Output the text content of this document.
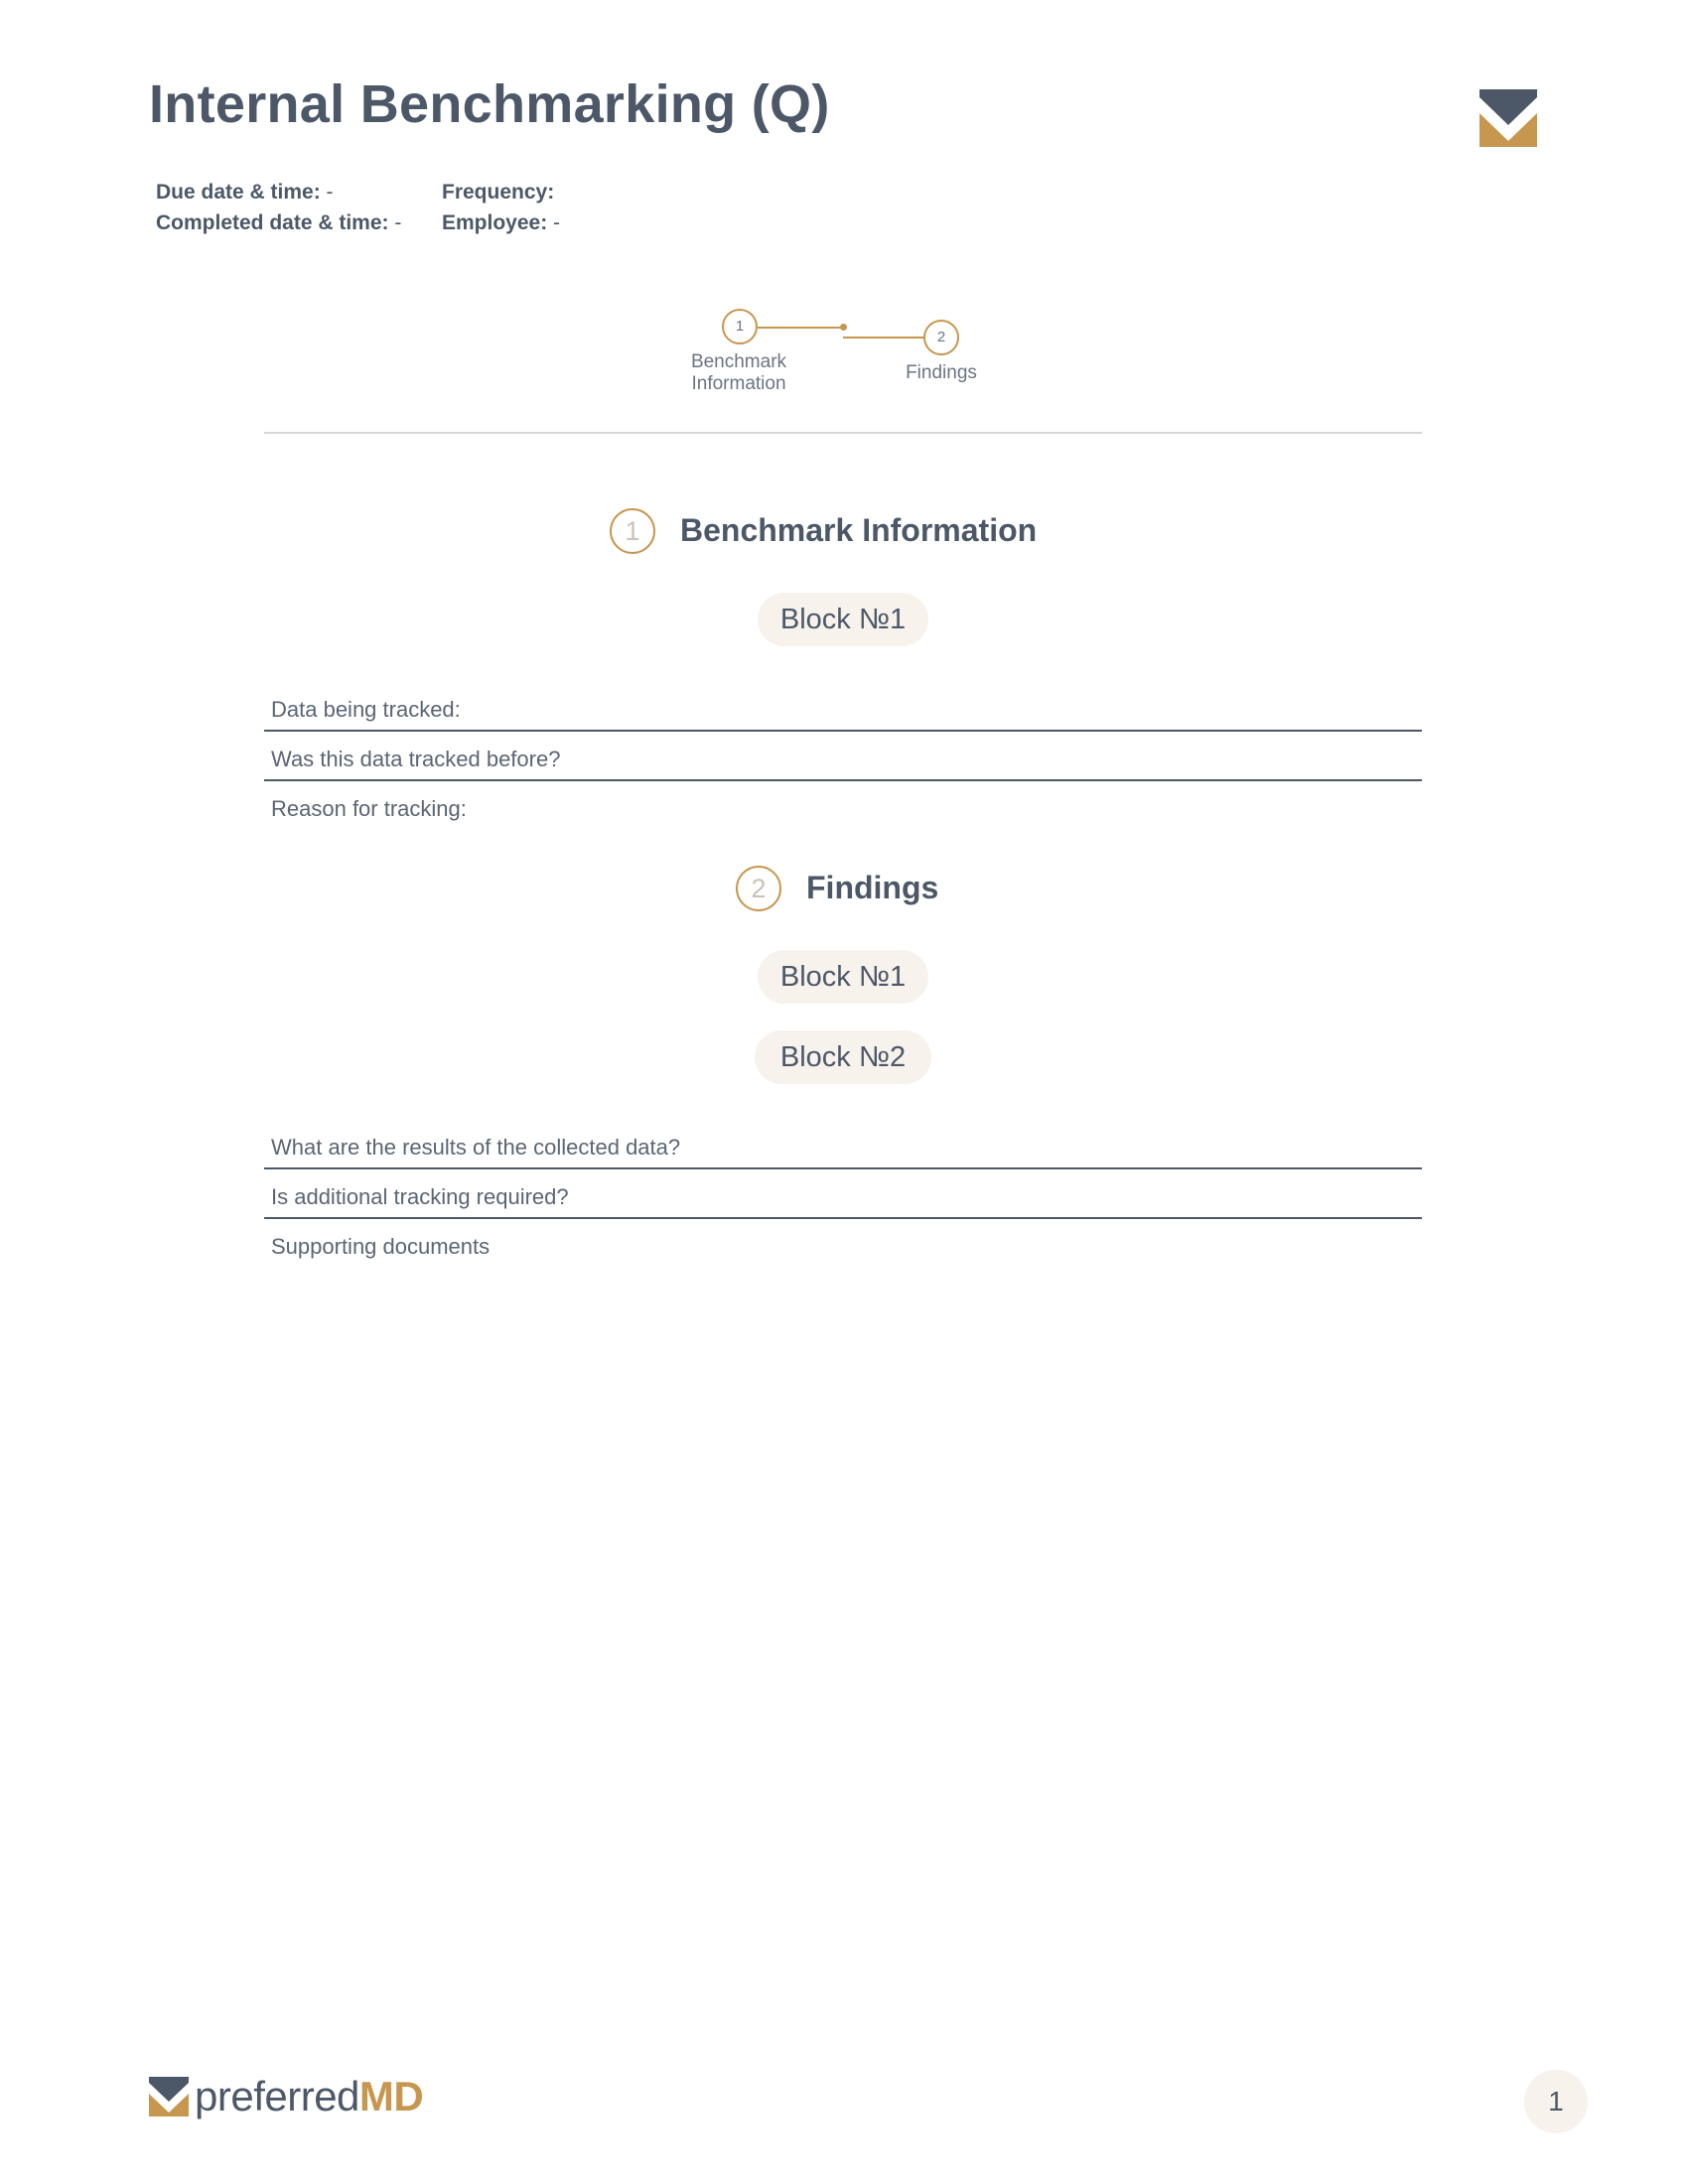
Internal Benchmarking (Q)
Due date & time: -
Completed date & time: -
Frequency:
Employee: -
1
2
Benchmark
Information
Findings
1	Benchmark Information
Block №1
Data being tracked:
Was this data tracked before?
Reason for tracking:
2	Findings
Block №1
Block №2
What are the results of the collected data?
Is additional tracking required?
Supporting documents
preferredMD	1
